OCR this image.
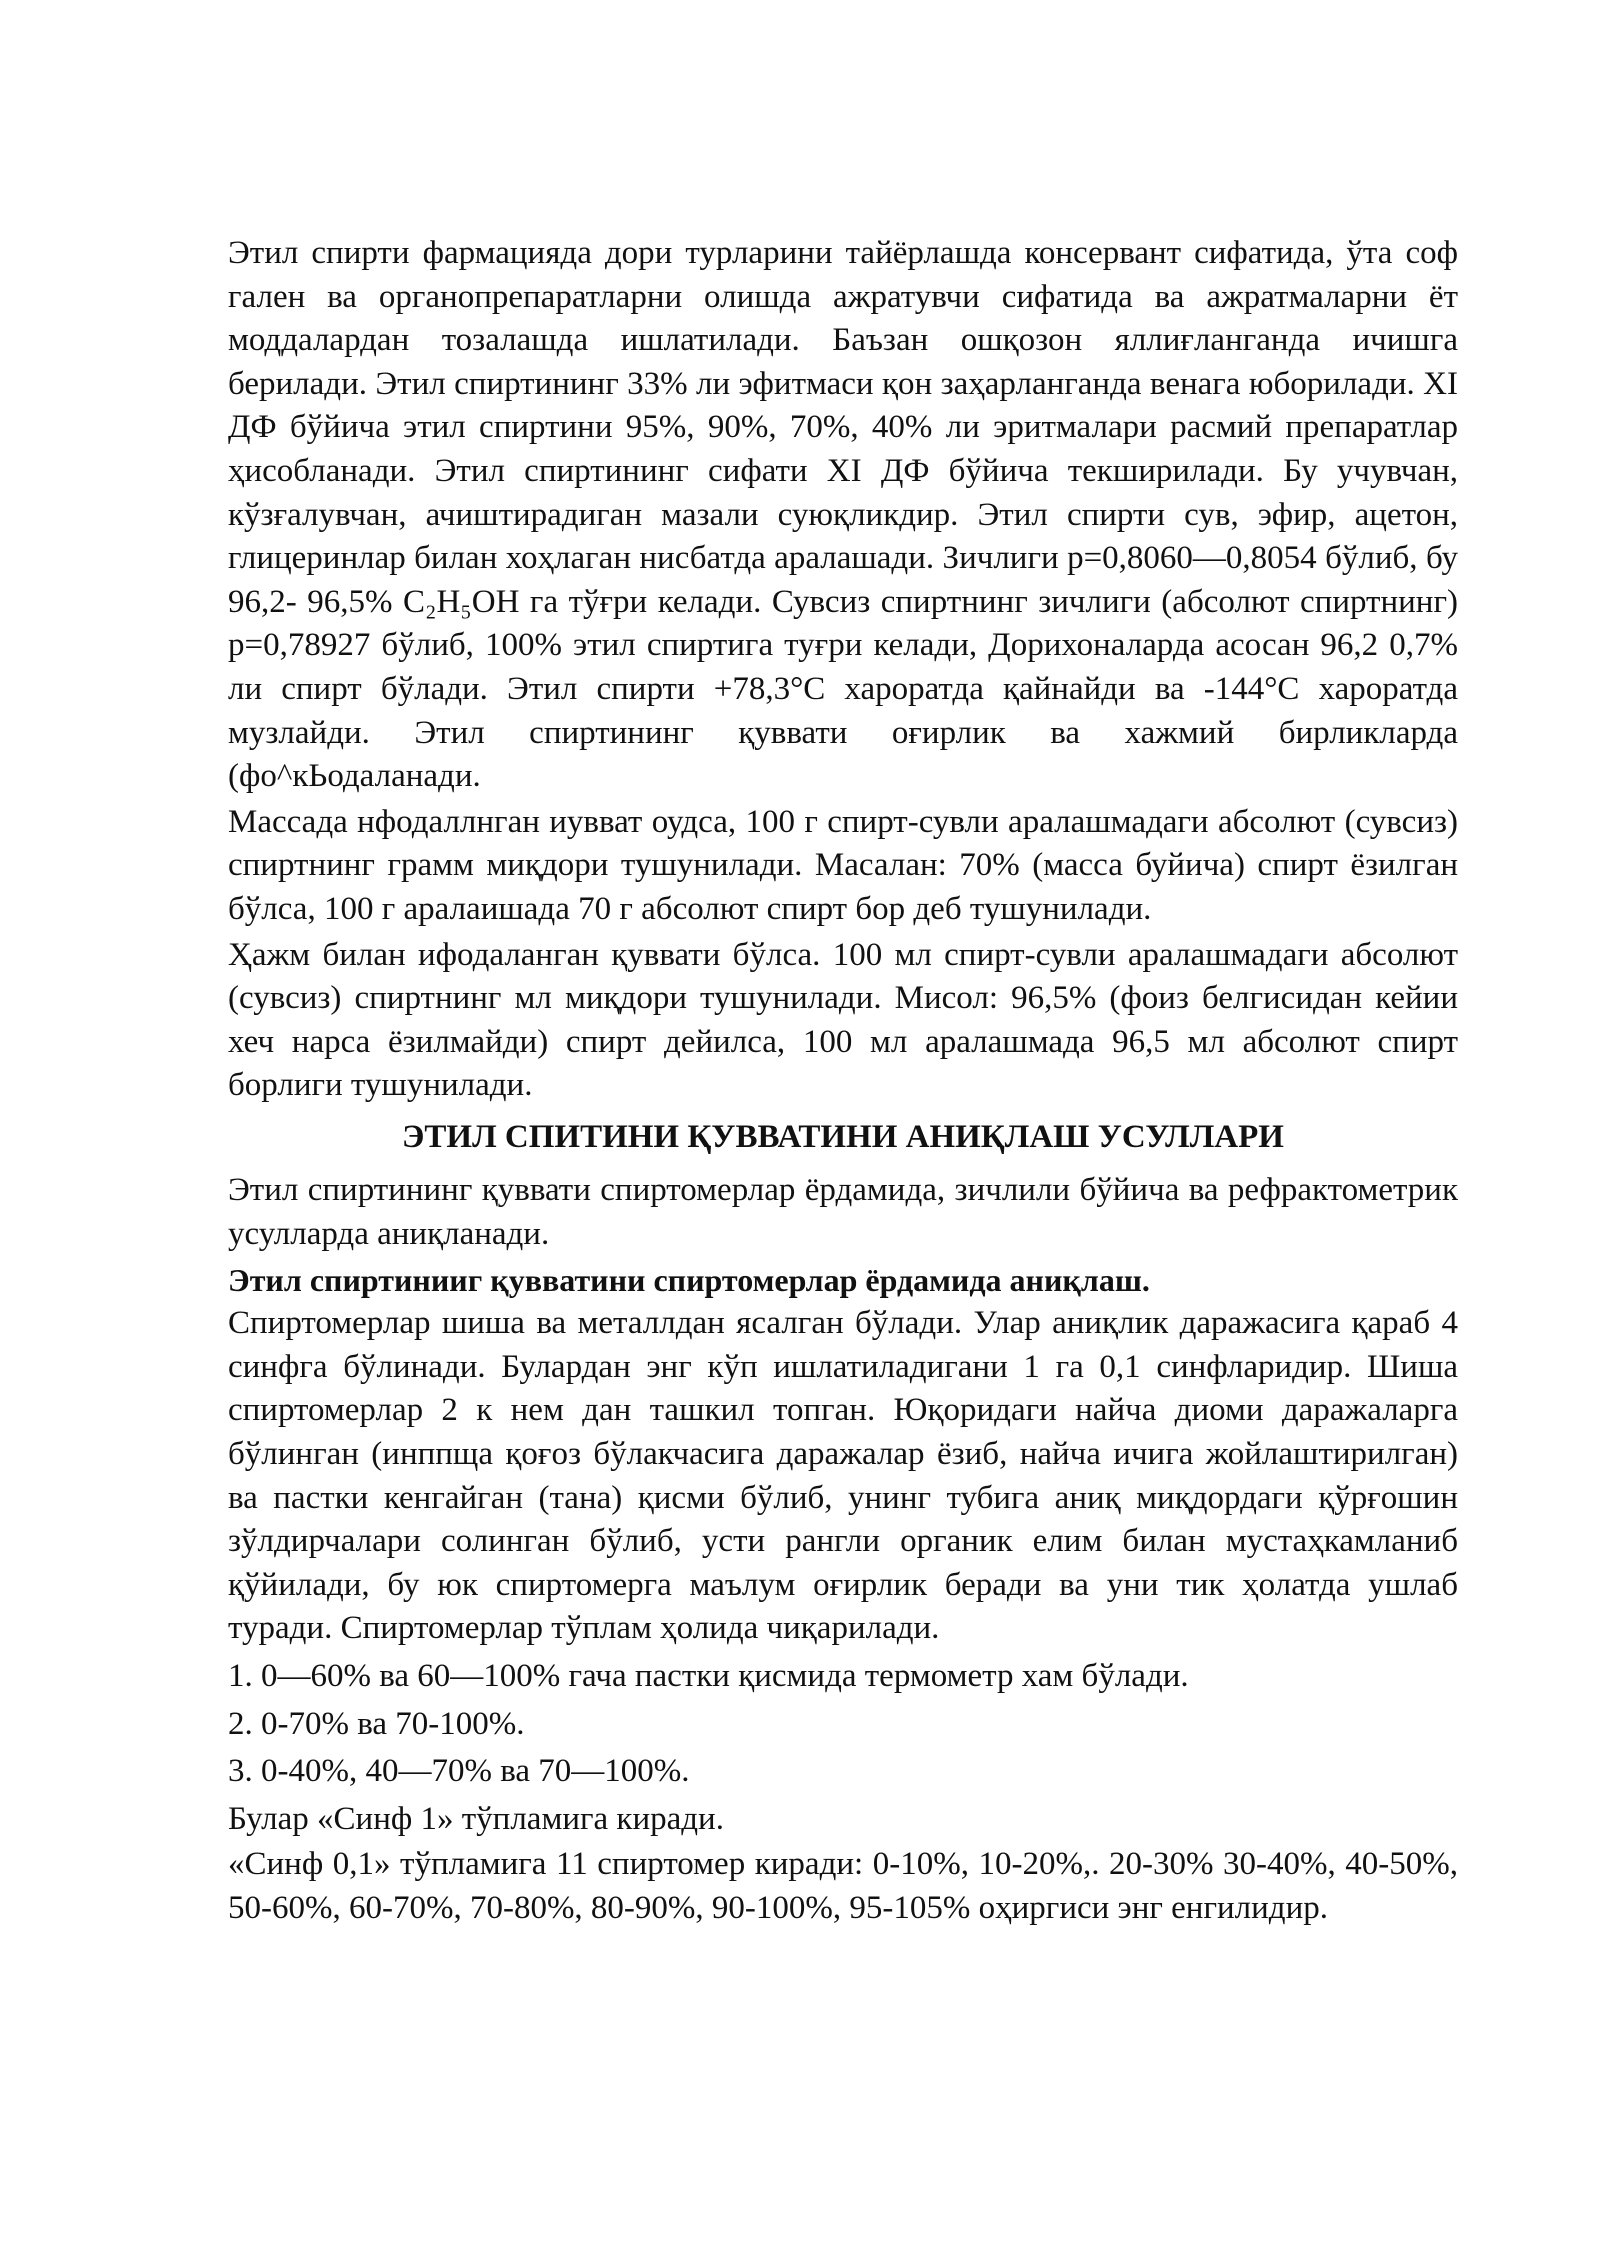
Этил спирти фармацияда дори турларини тайёрлашда консервант сифатида, ўта соф гален ва органопрепаратларни олишда ажратувчи сифатида ва ажратмаларни ёт моддалардан тозалашда ишлатилади. Баъзан ошқозон яллиғланганда ичишга берилади. Этил спиртининг 33% ли эфитмаси қон заҳарланганда венага юборилади. XI ДФ бўйича этил спиртини 95%, 90%, 70%, 40% ли эритмалари расмий препаратлар ҳисобланади. Этил спиртининг сифати XI ДФ бўйича текширилади. Бу учувчан, кўзғалувчан, ачиштирадиган мазали суюқликдир. Этил спирти сув, эфир, ацетон, глицеринлар билан хоҳлаган нисбатда аралашади. Зичлиги p=0,8060—0,8054 бўлиб, бу 96,2- 96,5% C₂H₅OH га тўғри келади. Сувсиз спиртнинг зичлиги (абсолют спиртнинг) p=0,78927 бўлиб, 100% этил спиртига туғри келади, Дорихоналарда асосан 96,2 0,7% ли спирт бўлади. Этил спирти +78,3°С хароратда қайнайди ва -144°С хароратда музлайди. Этил спиртининг қуввати оғирлик ва хажмий бирликларда (фо^кЬодаланади.

Массада нфодаллнган иувват оудса, 100 г спирт-сувли аралашмадаги абсолют (сувсиз) спиртнинг грамм миқдори тушунилади. Масалан: 70% (масса буйича) спирт ёзилган бўлса, 100 г аралаишада 70 г абсолют спирт бор деб тушунилади.

Ҳажм билан ифодаланган қуввати бўлса. 100 мл спирт-сувли аралашмадаги абсолют (сувсиз) спиртнинг мл миқдори тушунилади. Мисол: 96,5% (фоиз белгисидан кейии хеч нарса ёзилмайди) спирт дейилса, 100 мл аралашмада 96,5 мл абсолют спирт борлиги тушунилади.

ЭТИЛ СПИТИНИ ҚУВВАТИНИ АНИҚЛАШ УСУЛЛАРИ

Этил спиртининг қуввати спиртомерлар ёрдамида, зичлили бўйича ва рефрактометрик усулларда аниқланади.

Этил спиртинииг қувватини спиртомерлар ёрдамида аниқлаш.

Спиртомерлар шиша ва металлдан ясалган бўлади. Улар аниқлик даражасига қараб 4 синфга бўлинади. Булардан энг кўп ишлатиладигани 1 га 0,1 синфларидир. Шиша спиртомерлар 2 к нем дан ташкил топган. Юқоридаги найча диоми даражаларга бўлинган (инппща қоғоз бўлакчасига даражалар ёзиб, найча ичига жойлаштирилган) ва пастки кенгайган (тана) қисми бўлиб, унинг тубига аниқ миқдордаги қўрғошин зўлдирчалари солинган бўлиб, усти рангли органик елим билан мустаҳкамланиб қўйилади, бу юк спиртомерга маълум оғирлик беради ва уни тик ҳолатда ушлаб туради. Спиртомерлар тўплам ҳолида чиқарилади.

1. 0—60% ва 60—100% гача пастки қисмида термометр хам бўлади.
2. 0-70% ва 70-100%.
3. 0-40%, 40—70% ва 70—100%.

Булар «Синф 1» тўпламига киради.

«Синф 0,1» тўпламига 11 спиртомер киради: 0-10%, 10-20%,. 20-30% 30-40%, 40-50%, 50-60%, 60-70%, 70-80%, 80-90%, 90-100%, 95-105% оҳиргиси энг енгилидир.
